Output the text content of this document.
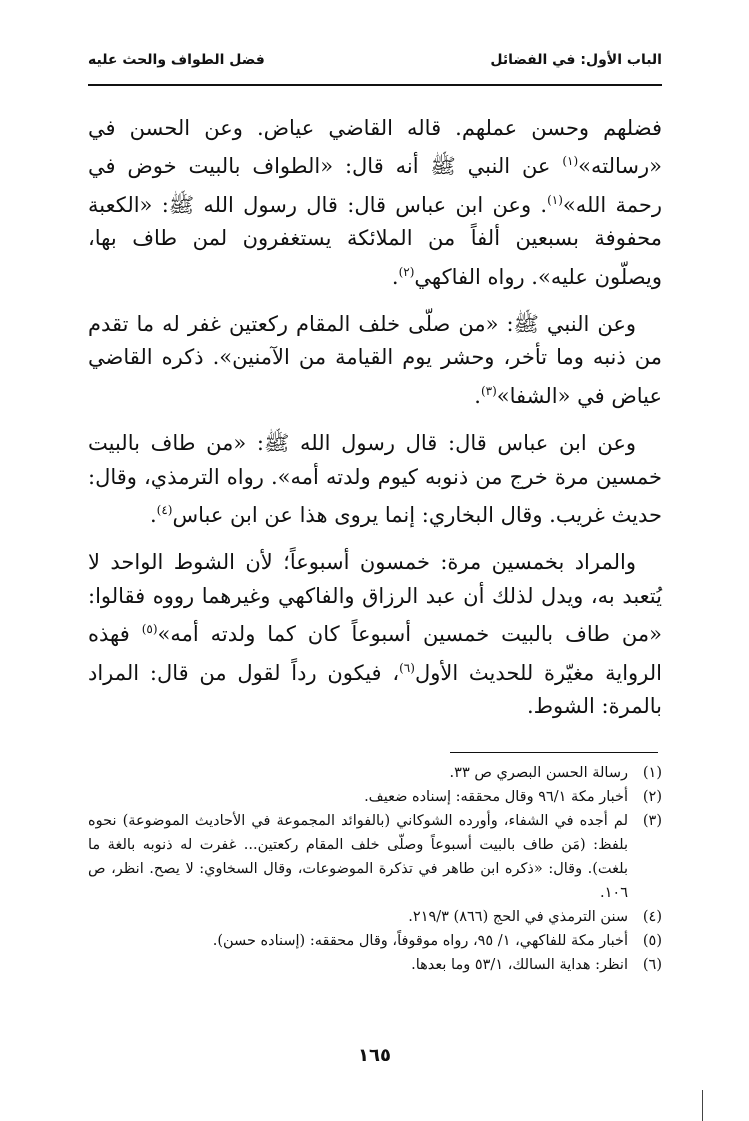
الباب الأول: في الفضائل
فضل الطواف والحث عليه

فضلهم وحسن عملهم. قاله القاضي عياض. وعن الحسن في «رسالته»$^{(١)}$ عن النبي ﷺ أنه قال: «الطواف بالبيت خوض في رحمة الله»$^{(١)}$. وعن ابن عباس قال: قال رسول الله ﷺ: «الكعبة محفوفة بسبعين ألفاً من الملائكة يستغفرون لمن طاف بها، ويصلّون عليه». رواه الفاكهي$^{(٢)}$.

وعن النبي ﷺ: «من صلّى خلف المقام ركعتين غفر له ما تقدم من ذنبه وما تأخر، وحشر يوم القيامة من الآمنين». ذكره القاضي عياض في «الشفا»$^{(٣)}$.

وعن ابن عباس قال: قال رسول الله ﷺ: «من طاف بالبيت خمسين مرة خرج من ذنوبه كيوم ولدته أمه». رواه الترمذي، وقال: حديث غريب. وقال البخاري: إنما يروى هذا عن ابن عباس$^{(٤)}$.

والمراد بخمسين مرة: خمسون أسبوعاً؛ لأن الشوط الواحد لا يُتعبد به، ويدل لذلك أن عبد الرزاق والفاكهي وغيرهما رووه فقالوا: «من طاف بالبيت خمسين أسبوعاً كان كما ولدته أمه»$^{(٥)}$ فهذه الرواية مغيّرة للحديث الأول$^{(٦)}$، فيكون رداً لقول من قال: المراد بالمرة: الشوط.

(١)
رسالة الحسن البصري ص ٣٣.
(٢)
أخبار مكة ٩٦/١ وقال محققه: إسناده ضعيف.
(٣)
لم أجده في الشفاء، وأورده الشوكاني (بالفوائد المجموعة في الأحاديث الموضوعة) نحوه بلفظ: (مَن طاف بالبيت أسبوعاً وصلّى خلف المقام ركعتين... غفرت له ذنوبه بالغة ما بلغت). وقال: «ذكره ابن طاهر في تذكرة الموضوعات، وقال السخاوي: لا يصح. انظر، ص ١٠٦.
(٤)
سنن الترمذي في الحج (٨٦٦) ٢١٩/٣.
(٥)
أخبار مكة للفاكهي، ١/ ٩٥، رواه موقوفاً، وقال محققه: (إسناده حسن).
(٦)
انظر: هداية السالك، ٥٣/١ وما بعدها.
١٦٥
